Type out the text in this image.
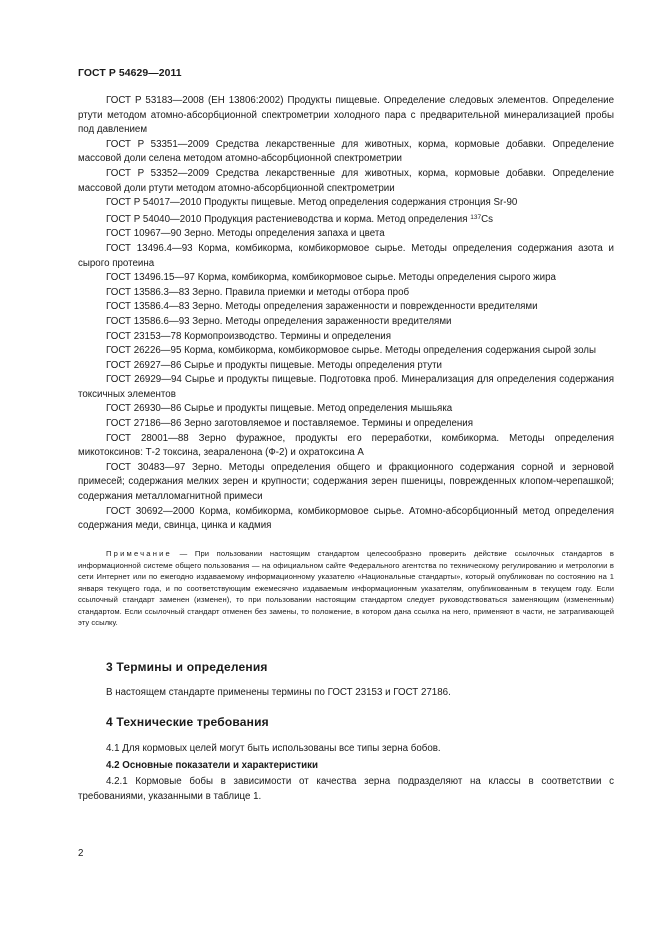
ГОСТ Р 54629—2011

ГОСТ Р 53183—2008 (ЕН 13806:2002) Продукты пищевые. Определение следовых элементов. Определение ртути методом атомно-абсорбционной спектрометрии холодного пара с предварительной минерализацией пробы под давлением

ГОСТ Р 53351—2009 Средства лекарственные для животных, корма, кормовые добавки. Определение массовой доли селена методом атомно-абсорбционной спектрометрии

ГОСТ Р 53352—2009 Средства лекарственные для животных, корма, кормовые добавки. Определение массовой доли ртути методом атомно-абсорбционной спектрометрии

ГОСТ Р 54017—2010 Продукты пищевые. Метод определения содержания стронция Sr-90

ГОСТ Р 54040—2010 Продукция растениеводства и корма. Метод определения $^{137}$Cs

ГОСТ 10967—90 Зерно. Методы определения запаха и цвета

ГОСТ 13496.4—93 Корма, комбикорма, комбикормовое сырье. Методы определения содержания азота и сырого протеина

ГОСТ 13496.15—97 Корма, комбикорма, комбикормовое сырье. Методы определения сырого жира

ГОСТ 13586.3—83 Зерно. Правила приемки и методы отбора проб

ГОСТ 13586.4—83 Зерно. Методы определения зараженности и поврежденности вредителями

ГОСТ 13586.6—93 Зерно. Методы определения зараженности вредителями

ГОСТ 23153—78 Кормопроизводство. Термины и определения

ГОСТ 26226—95 Корма, комбикорма, комбикормовое сырье. Методы определения содержания сырой золы

ГОСТ 26927—86 Сырье и продукты пищевые. Методы определения ртути

ГОСТ 26929—94 Сырье и продукты пищевые. Подготовка проб. Минерализация для определения содержания токсичных элементов

ГОСТ 26930—86 Сырье и продукты пищевые. Метод определения мышьяка

ГОСТ 27186—86 Зерно заготовляемое и поставляемое. Термины и определения

ГОСТ 28001—88 Зерно фуражное, продукты его переработки, комбикорма. Методы определения микотоксинов: Т-2 токсина, зеараленона (Ф-2) и охратоксина А

ГОСТ 30483—97 Зерно. Методы определения общего и фракционного содержания сорной и зерновой примесей; содержания мелких зерен и крупности; содержания зерен пшеницы, поврежденных клопом-черепашкой; содержания металломагнитной примеси

ГОСТ 30692—2000 Корма, комбикорма, комбикормовое сырье. Атомно-абсорбционный метод определения содержания меди, свинца, цинка и кадмия

Примечание — При пользовании настоящим стандартом целесообразно проверить действие ссылочных стандартов в информационной системе общего пользования — на официальном сайте Федерального агентства по техническому регулированию и метрологии в сети Интернет или по ежегодно издаваемому информационному указателю «Национальные стандарты», который опубликован по состоянию на 1 января текущего года, и по соответствующим ежемесячно издаваемым информационным указателям, опубликованным в текущем году. Если ссылочный стандарт заменен (изменен), то при пользовании настоящим стандартом следует руководствоваться заменяющим (измененным) стандартом. Если ссылочный стандарт отменен без замены, то положение, в котором дана ссылка на него, применяют в части, не затрагивающей эту ссылку.
3 Термины и определения
В настоящем стандарте применены термины по ГОСТ 23153 и ГОСТ 27186.
4 Технические требования
4.1 Для кормовых целей могут быть использованы все типы зерна бобов.
4.2 Основные показатели и характеристики
4.2.1 Кормовые бобы в зависимости от качества зерна подразделяют на классы в соответствии с требованиями, указанными в таблице 1.
2
